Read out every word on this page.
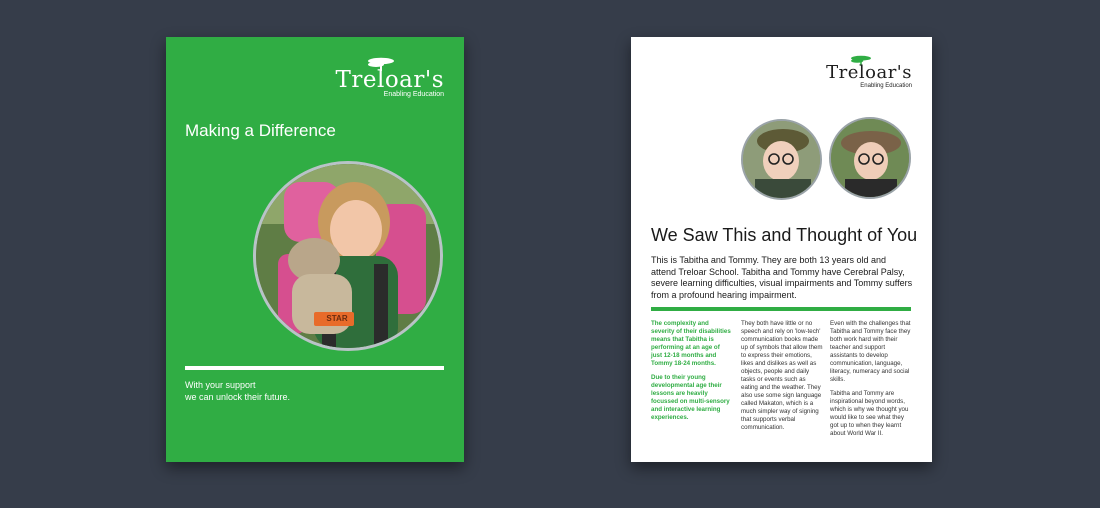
Treloar's
Enabling Education
Making a Difference
STAR
With your support
we can unlock their future.
Treloar's
Enabling Education
We Saw This and Thought of You
This is Tabitha and Tommy. They are both 13 years old and attend Treloar School. Tabitha and Tommy have Cerebral Palsy, severe learning difficulties, visual impairments and Tommy suffers from a profound hearing impairment.

The complexity and severity of their disabilities means that Tabitha is performing at an age of just 12-18 months and Tommy 18-24 months.

Due to their young developmental age their lessons are heavily focussed on multi-sensory and interactive learning experiences.

They both have little or no speech and rely on 'low-tech' communication books made up of symbols that allow them to express their emotions, likes and dislikes as well as objects, people and daily tasks or events such as eating and the weather. They also use some sign language called Makaton, which is a much simpler way of signing that supports verbal communication.

Even with the challenges that Tabitha and Tommy face they both work hard with their teacher and support assistants to develop communication, language, literacy, numeracy and social skills.

Tabitha and Tommy are inspirational beyond words, which is why we thought you would like to see what they got up to when they learnt about World War II.
